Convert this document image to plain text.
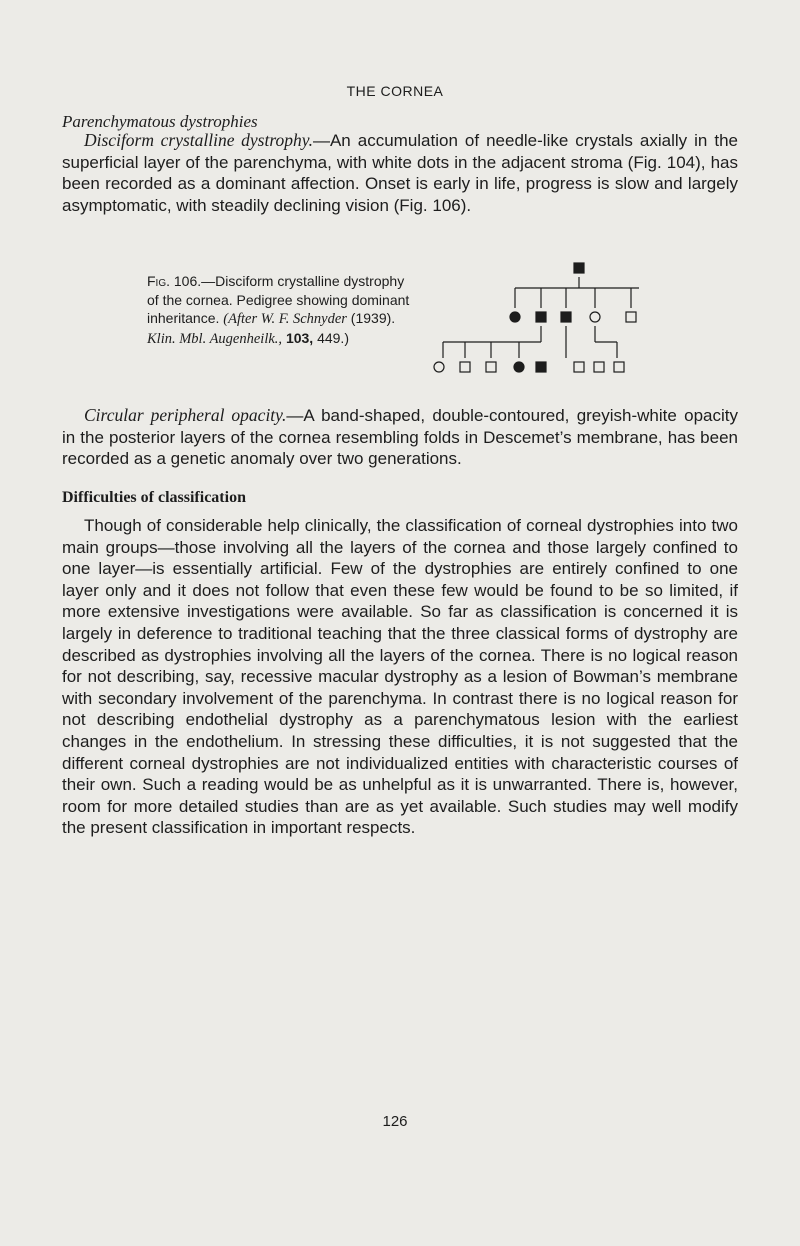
THE CORNEA
Parenchymatous dystrophies

Disciform crystalline dystrophy.—An accumulation of needle-like crystals axially in the superficial layer of the parenchyma, with white dots in the adjacent stroma (Fig. 104), has been recorded as a dominant affection. Onset is early in life, progress is slow and largely asymptomatic, with steadily declining vision (Fig. 106).

Fig. 106.—Disciform crystalline dystrophy of the cornea. Pedigree showing dominant inheritance. (After W. F. Schnyder (1939). Klin. Mbl. Augenheilk., 103, 449.)

Circular peripheral opacity.—A band-shaped, double-contoured, greyish-white opacity in the posterior layers of the cornea resembling folds in Descemet’s membrane, has been recorded as a genetic anomaly over two generations.

Difficulties of classification

Though of considerable help clinically, the classification of corneal dystrophies into two main groups—those involving all the layers of the cornea and those largely confined to one layer—is essentially artificial. Few of the dystrophies are entirely confined to one layer only and it does not follow that even these few would be found to be so limited, if more extensive investigations were available. So far as classification is concerned it is largely in deference to traditional teaching that the three classical forms of dystrophy are described as dystrophies involving all the layers of the cornea. There is no logical reason for not describing, say, recessive macular dystrophy as a lesion of Bowman’s membrane with secondary involvement of the parenchyma. In contrast there is no logical reason for not describing endothelial dystrophy as a parenchymatous lesion with the earliest changes in the endothelium. In stressing these difficulties, it is not suggested that the different corneal dystrophies are not individualized entities with characteristic courses of their own. Such a reading would be as unhelpful as it is unwarranted. There is, however, room for more detailed studies than are as yet available. Such studies may well modify the present classification in important respects.

126
